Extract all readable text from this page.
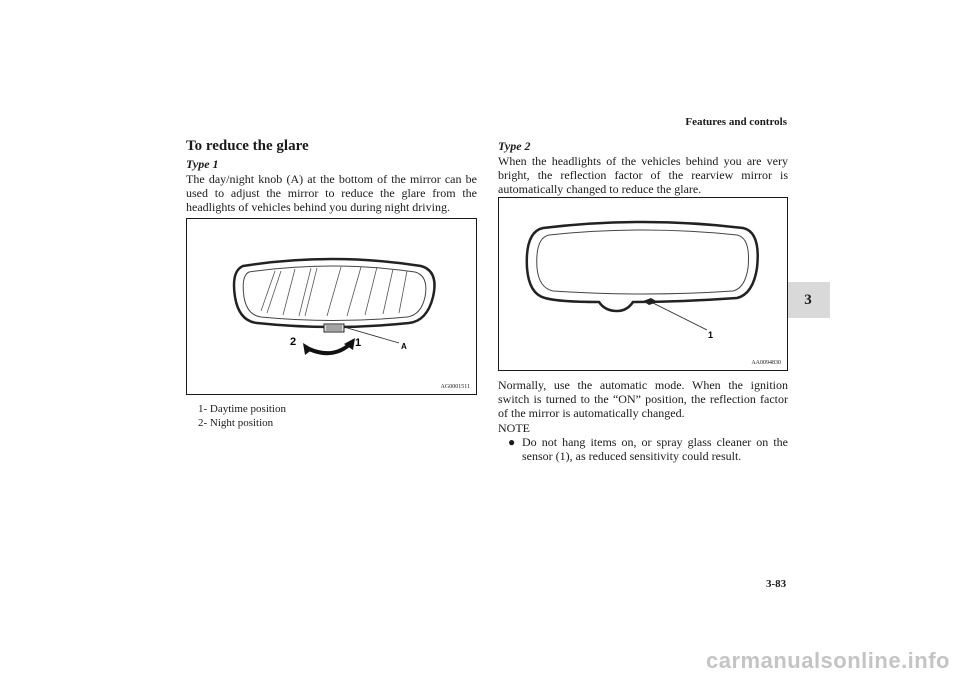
Features and controls
3
To reduce the glare
Type 1
The day/night knob (A) at the bottom of the mirror can be used to adjust the mirror to reduce the glare from the headlights of vehicles behind you during night driving.
2	1	A
AG0001511
1- Daytime position
2- Night position
Type 2
When the headlights of the vehicles behind you are very bright, the reflection factor of the rearview mirror is automatically changed to reduce the glare.
1
AA0094830
Normally, use the automatic mode. When the ignition switch is turned to the “ON” position, the reflection factor of the mirror is automatically changed.
NOTE
● Do not hang items on, or spray glass cleaner on the sensor (1), as reduced sensitivity could result.
3-83
carmanualsonline.info
